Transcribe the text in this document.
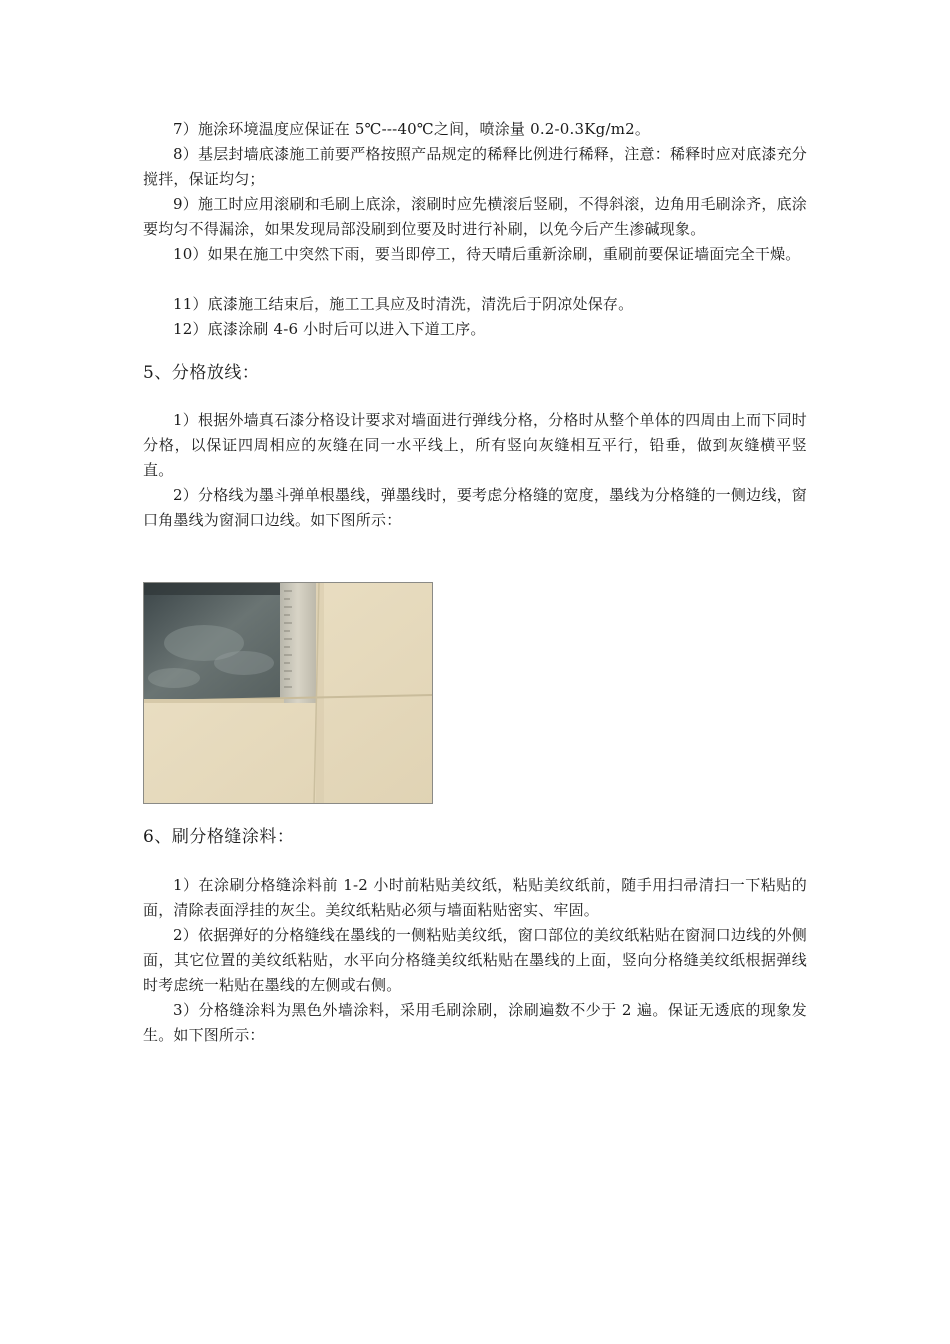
7）施涂环境温度应保证在 5℃---40℃之间，喷涂量 0.2-0.3Kg/m2。

8）基层封墙底漆施工前要严格按照产品规定的稀释比例进行稀释，注意：稀释时应对底漆充分搅拌，保证均匀；

9）施工时应用滚刷和毛刷上底涂，滚刷时应先横滚后竖刷，不得斜滚，边角用毛刷涂齐，底涂要均匀不得漏涂，如果发现局部没刷到位要及时进行补刷，以免今后产生渗碱现象。

10）如果在施工中突然下雨，要当即停工，待天晴后重新涂刷，重刷前要保证墙面完全干燥。

11）底漆施工结束后，施工工具应及时清洗，清洗后于阴凉处保存。

12）底漆涂刷 4-6 小时后可以进入下道工序。

5、分格放线：

1）根据外墙真石漆分格设计要求对墙面进行弹线分格，分格时从整个单体的四周由上而下同时分格，以保证四周相应的灰缝在同一水平线上，所有竖向灰缝相互平行，铅垂，做到灰缝横平竖直。

2）分格线为墨斗弹单根墨线，弹墨线时，要考虑分格缝的宽度，墨线为分格缝的一侧边线，窗口角墨线为窗洞口边线。如下图所示：

6、刷分格缝涂料：

1）在涂刷分格缝涂料前 1-2 小时前粘贴美纹纸，粘贴美纹纸前，随手用扫帚清扫一下粘贴的面，清除表面浮挂的灰尘。美纹纸粘贴必须与墙面粘贴密实、牢固。

2）依据弹好的分格缝线在墨线的一侧粘贴美纹纸，窗口部位的美纹纸粘贴在窗洞口边线的外侧面，其它位置的美纹纸粘贴，水平向分格缝美纹纸粘贴在墨线的上面，竖向分格缝美纹纸根据弹线时考虑统一粘贴在墨线的左侧或右侧。

3）分格缝涂料为黑色外墙涂料，采用毛刷涂刷，涂刷遍数不少于 2 遍。保证无透底的现象发生。如下图所示：
